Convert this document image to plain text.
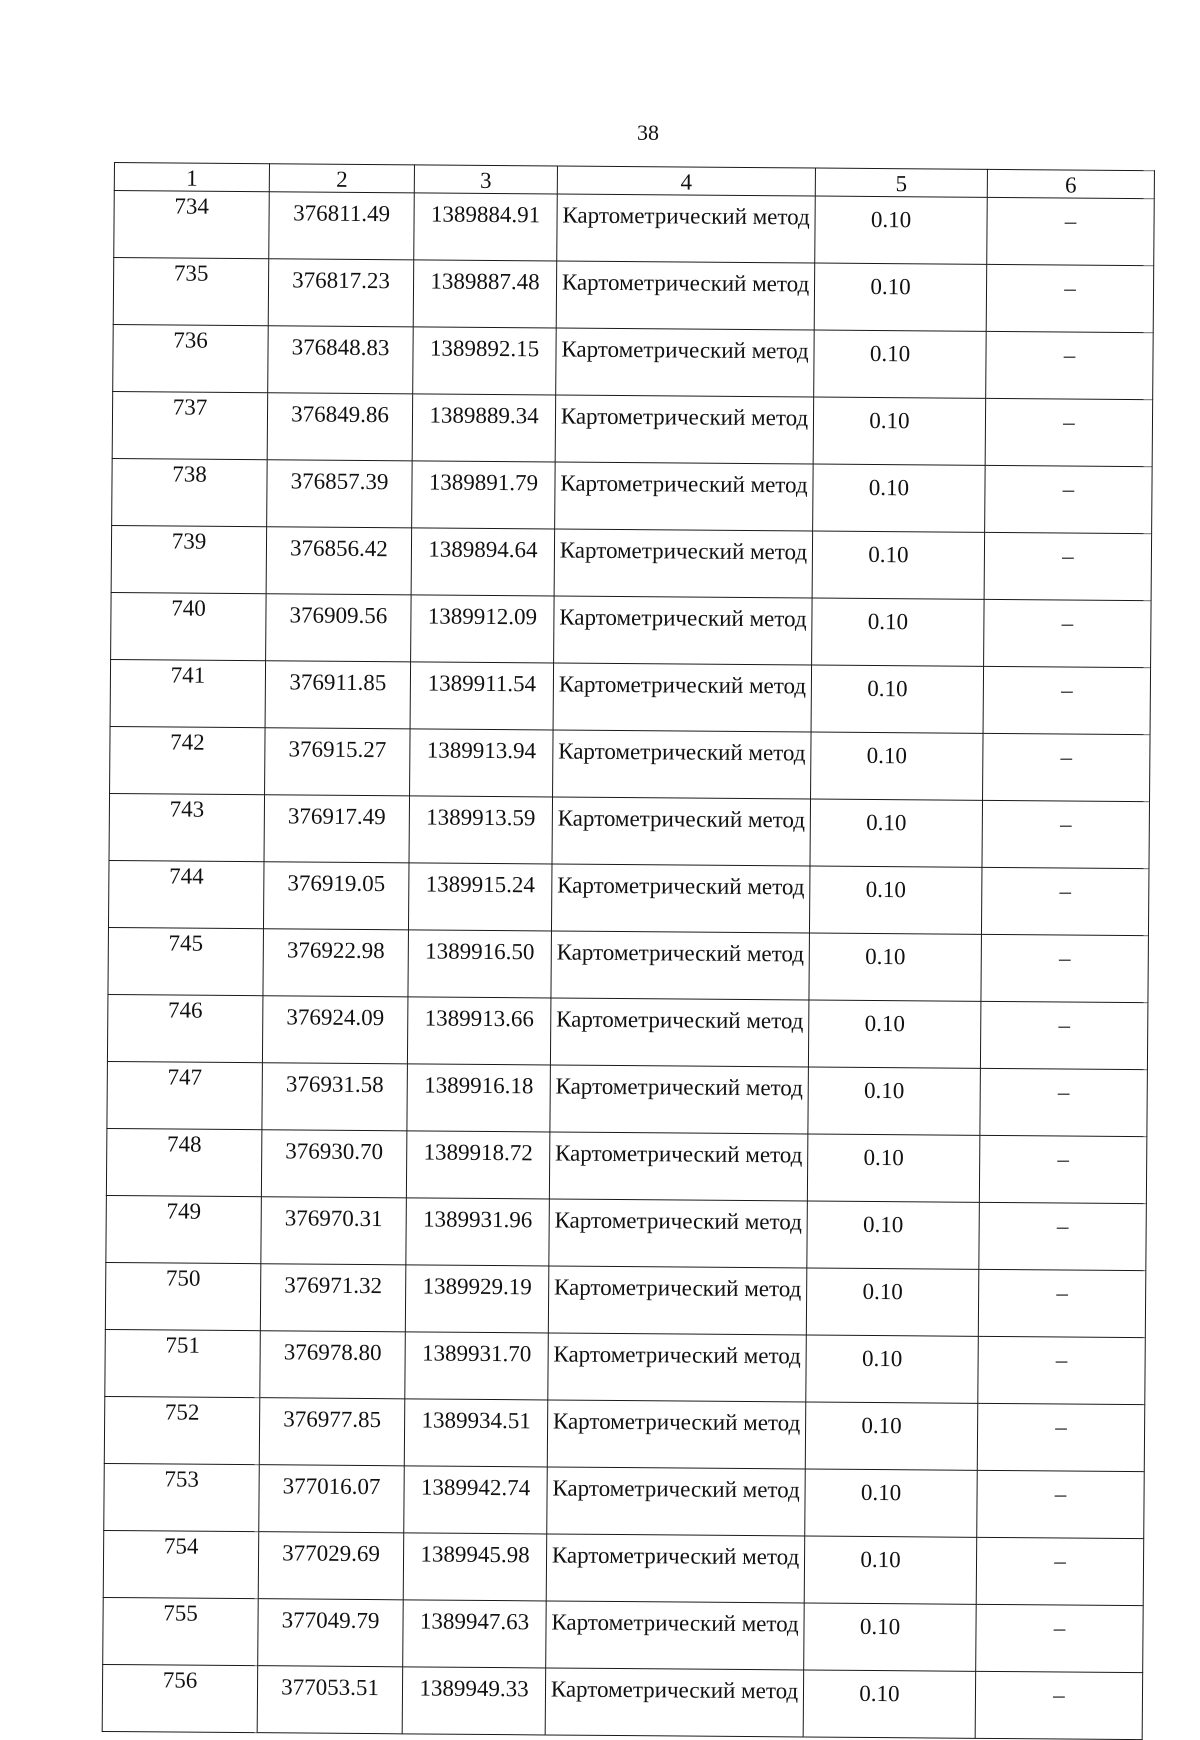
38
1	2	3	4	5	6
734	376811.49	1389884.91	Картометрический метод	0.10	–
735	376817.23	1389887.48	Картометрический метод	0.10	–
736	376848.83	1389892.15	Картометрический метод	0.10	–
737	376849.86	1389889.34	Картометрический метод	0.10	–
738	376857.39	1389891.79	Картометрический метод	0.10	–
739	376856.42	1389894.64	Картометрический метод	0.10	–
740	376909.56	1389912.09	Картометрический метод	0.10	–
741	376911.85	1389911.54	Картометрический метод	0.10	–
742	376915.27	1389913.94	Картометрический метод	0.10	–
743	376917.49	1389913.59	Картометрический метод	0.10	–
744	376919.05	1389915.24	Картометрический метод	0.10	–
745	376922.98	1389916.50	Картометрический метод	0.10	–
746	376924.09	1389913.66	Картометрический метод	0.10	–
747	376931.58	1389916.18	Картометрический метод	0.10	–
748	376930.70	1389918.72	Картометрический метод	0.10	–
749	376970.31	1389931.96	Картометрический метод	0.10	–
750	376971.32	1389929.19	Картометрический метод	0.10	–
751	376978.80	1389931.70	Картометрический метод	0.10	–
752	376977.85	1389934.51	Картометрический метод	0.10	–
753	377016.07	1389942.74	Картометрический метод	0.10	–
754	377029.69	1389945.98	Картометрический метод	0.10	–
755	377049.79	1389947.63	Картометрический метод	0.10	–
756	377053.51	1389949.33	Картометрический метод	0.10	–
